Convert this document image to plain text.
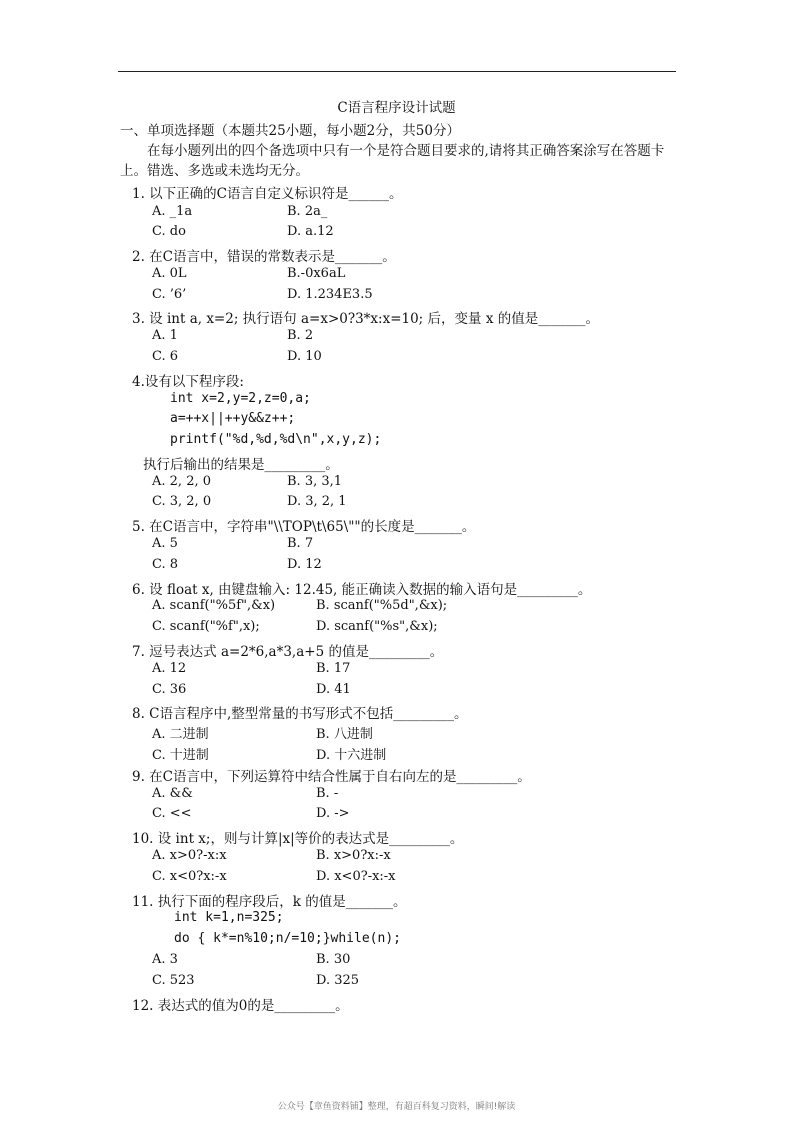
C语言程序设计试题
一、单项选择题（本题共25小题，每小题2分，共50分）
在每小题列出的四个备选项中只有一个是符合题目要求的,请将其正确答案涂写在答题卡上。错选、多选或未选均无分。
1. 以下正确的C语言自定义标识符是______。
A. _1a	B. 2a_
C. do	D. a.12
2. 在C语言中，错误的常数表示是_______。
A. 0L	B.-0x6aL
C. ’6’	D. 1.234E3.5
3. 设 int a, x=2; 执行语句 a=x>0?3*x:x=10; 后，变量 x 的值是_______。
A. 1	B. 2
C. 6	D. 10
4.设有以下程序段:
int x=2,y=2,z=0,a;
a=++x||++y&&z++;
printf("%d,%d,%d\n",x,y,z);
执行后输出的结果是_________。
A. 2, 2, 0	B. 3, 3,1
C. 3, 2, 0	D. 3, 2, 1
5. 在C语言中，字符串"\\TOP\t\65\""的长度是_______。
A. 5	B. 7
C. 8	D. 12
6. 设 float x, 由键盘输入: 12.45, 能正确读入数据的输入语句是_________。
A. scanf("%5f",&x)	B. scanf("%5d",&x);
C. scanf("%f",x);	D. scanf("%s",&x);
7. 逗号表达式 a=2*6,a*3,a+5 的值是_________。
A. 12	B. 17
C. 36	D. 41
8. C语言程序中,整型常量的书写形式不包括_________。
A. 二进制	B. 八进制
C. 十进制	D. 十六进制
9. 在C语言中，下列运算符中结合性属于自右向左的是_________。
A. &&	B. -
C. <<	D. ->
10. 设 int x;，则与计算|x|等价的表达式是_________。
A. x>0?-x:x	B. x>0?x:-x
C. x<0?x:-x	D. x<0?-x:-x
11. 执行下面的程序段后，k 的值是_______。
int k=1,n=325;
do { k*=n%10;n/=10;}while(n);
A. 3	B. 30
C. 523	D. 325
12. 表达式的值为0的是_________。
公众号【章鱼资料铺】整理，有超百科复习资料，瞬间!解读
